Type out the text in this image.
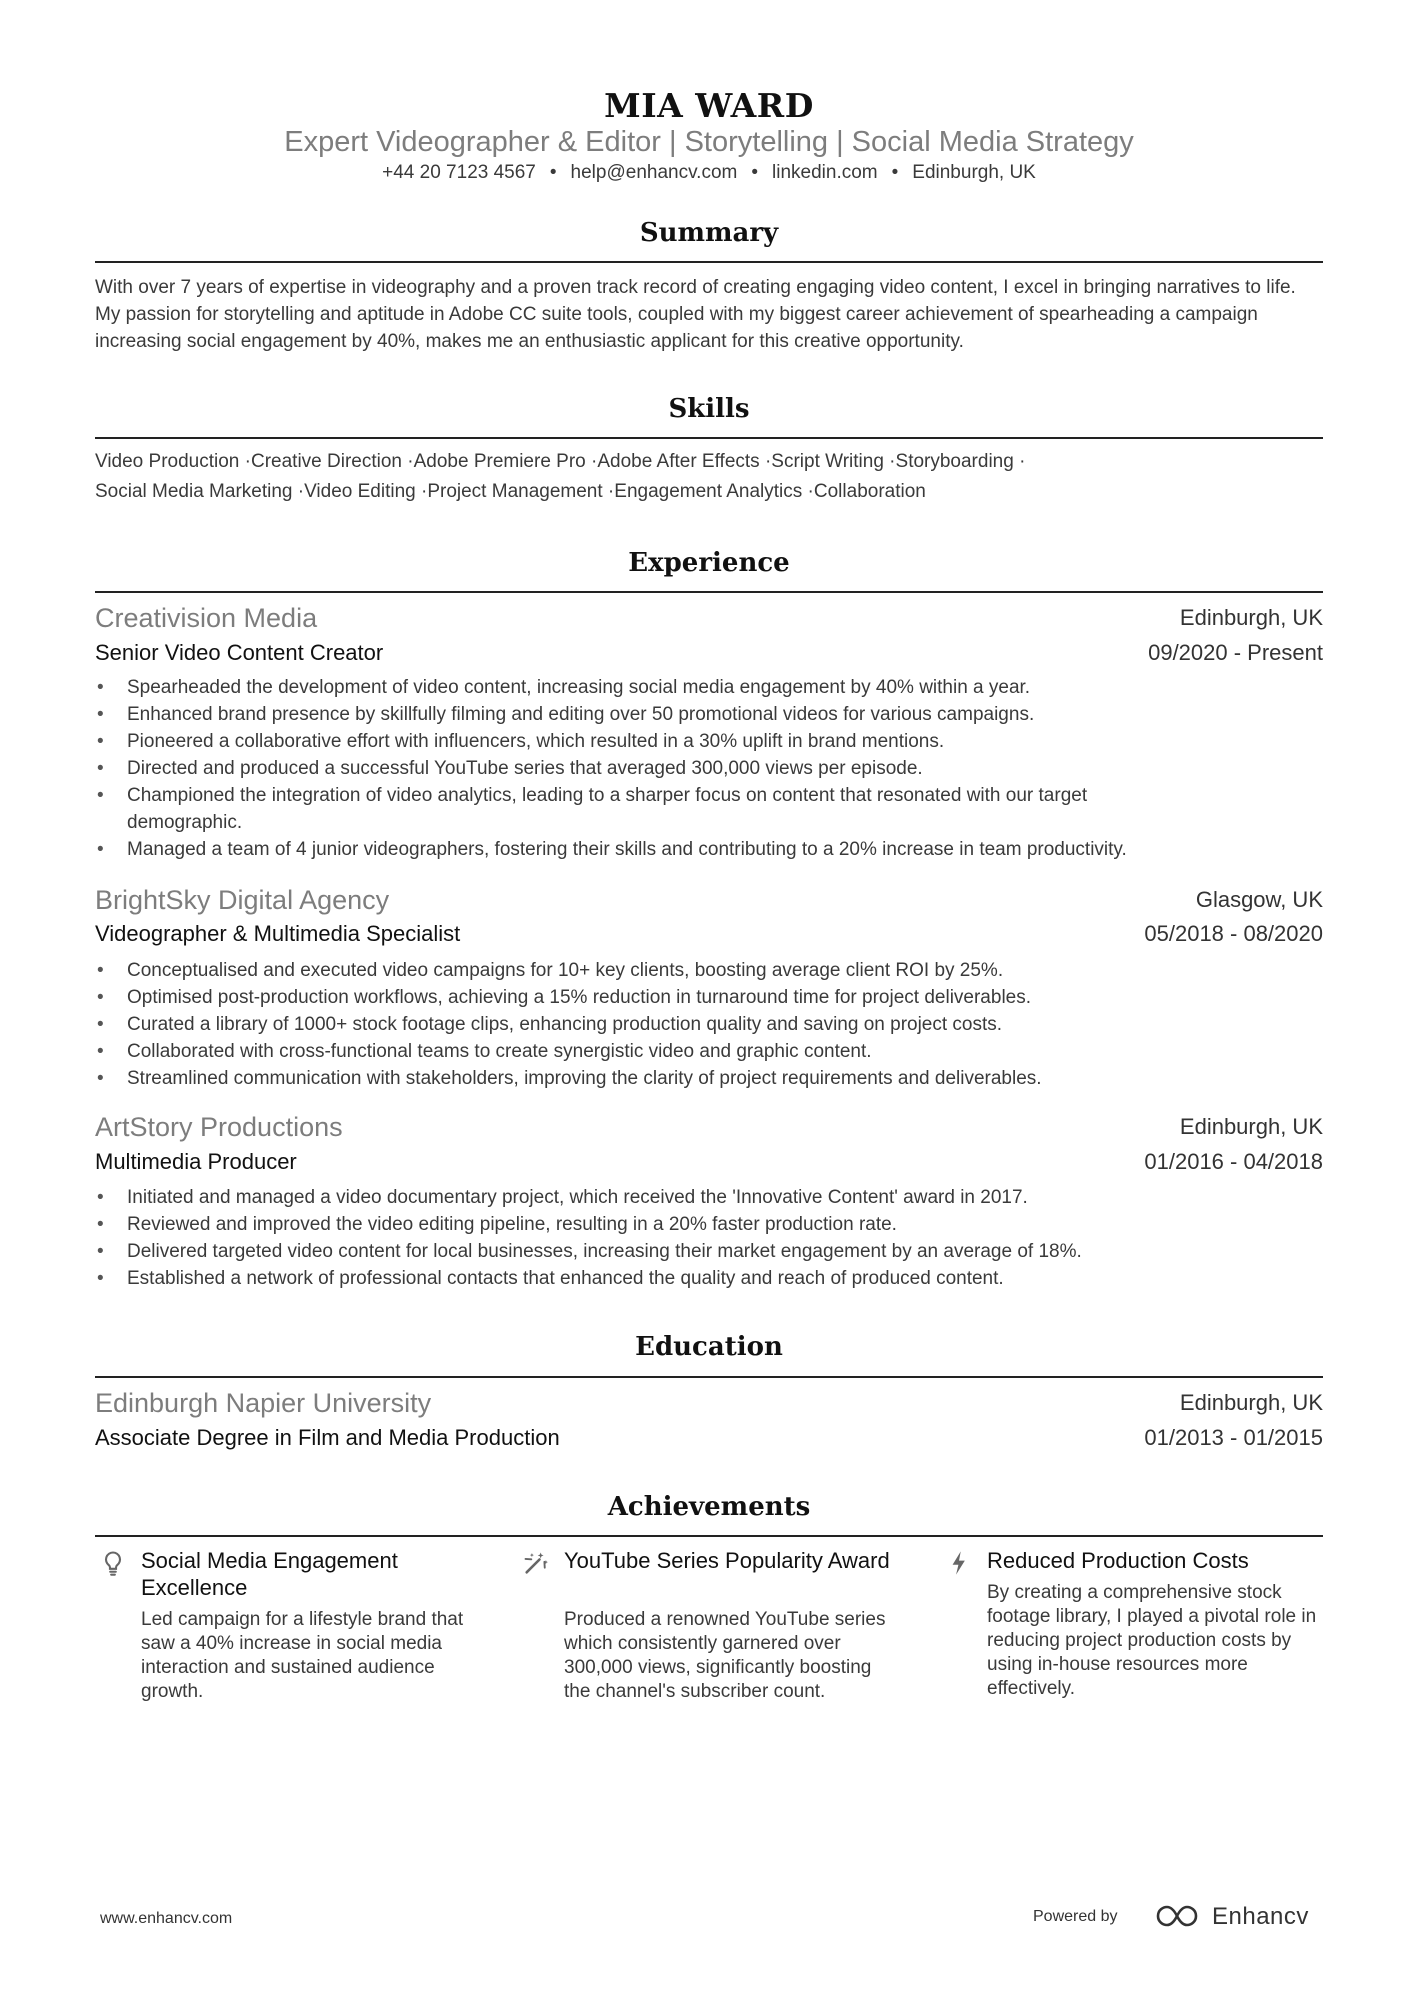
MIA WARD
Expert Videographer & Editor | Storytelling | Social Media Strategy
+44 20 7123 4567 • help@enhancv.com • linkedin.com • Edinburgh, UK
Summary
With over 7 years of expertise in videography and a proven track record of creating engaging video content, I excel in bringing narratives to life. My passion for storytelling and aptitude in Adobe CC suite tools, coupled with my biggest career achievement of spearheading a campaign increasing social engagement by 40%, makes me an enthusiastic applicant for this creative opportunity.
Skills
Video Production · Creative Direction · Adobe Premiere Pro · Adobe After Effects · Script Writing · Storyboarding ·
Social Media Marketing · Video Editing · Project Management · Engagement Analytics · Collaboration
Experience
Creativision Media	Edinburgh, UK
Senior Video Content Creator	09/2020 - Present
• Spearheaded the development of video content, increasing social media engagement by 40% within a year.
• Enhanced brand presence by skillfully filming and editing over 50 promotional videos for various campaigns.
• Pioneered a collaborative effort with influencers, which resulted in a 30% uplift in brand mentions.
• Directed and produced a successful YouTube series that averaged 300,000 views per episode.
• Championed the integration of video analytics, leading to a sharper focus on content that resonated with our target demographic.
• Managed a team of 4 junior videographers, fostering their skills and contributing to a 20% increase in team productivity.
BrightSky Digital Agency	Glasgow, UK
Videographer & Multimedia Specialist	05/2018 - 08/2020
• Conceptualised and executed video campaigns for 10+ key clients, boosting average client ROI by 25%.
• Optimised post-production workflows, achieving a 15% reduction in turnaround time for project deliverables.
• Curated a library of 1000+ stock footage clips, enhancing production quality and saving on project costs.
• Collaborated with cross-functional teams to create synergistic video and graphic content.
• Streamlined communication with stakeholders, improving the clarity of project requirements and deliverables.
ArtStory Productions	Edinburgh, UK
Multimedia Producer	01/2016 - 04/2018
• Initiated and managed a video documentary project, which received the 'Innovative Content' award in 2017.
• Reviewed and improved the video editing pipeline, resulting in a 20% faster production rate.
• Delivered targeted video content for local businesses, increasing their market engagement by an average of 18%.
• Established a network of professional contacts that enhanced the quality and reach of produced content.
Education
Edinburgh Napier University	Edinburgh, UK
Associate Degree in Film and Media Production	01/2013 - 01/2015
Achievements
Social Media Engagement Excellence
Led campaign for a lifestyle brand that saw a 40% increase in social media interaction and sustained audience growth.
YouTube Series Popularity Award
Produced a renowned YouTube series which consistently garnered over 300,000 views, significantly boosting the channel's subscriber count.
Reduced Production Costs
By creating a comprehensive stock footage library, I played a pivotal role in reducing project production costs by using in-house resources more effectively.
www.enhancv.com	Powered by	Enhancv
